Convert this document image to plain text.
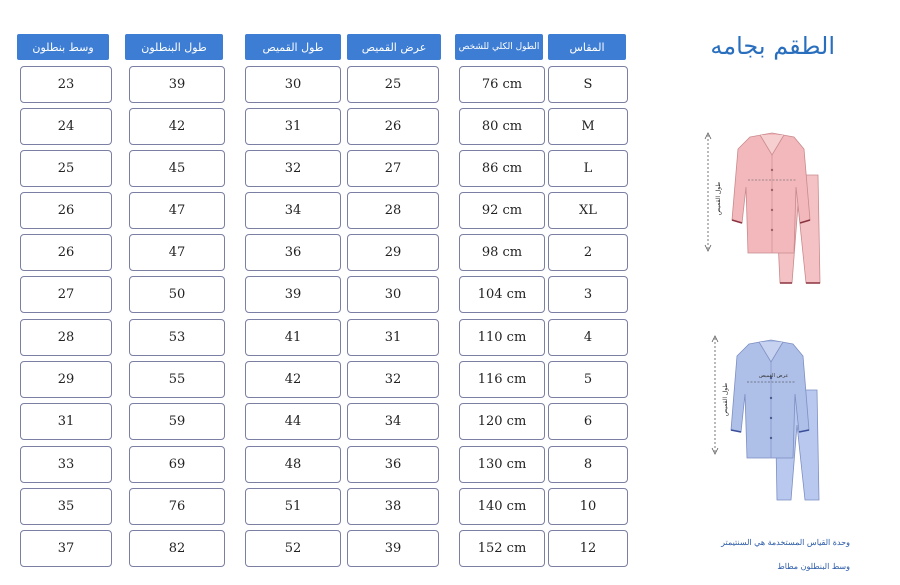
الطقم بجامه
المقاس
S
M
L
XL
2
3
4
5
6
8
10
12
الطول الكلي للشخص
76 cm
80 cm
86 cm
92 cm
98 cm
104 cm
110 cm
116 cm
120 cm
130 cm
140 cm
152 cm
عرض القميص
25
26
27
28
29
30
31
32
34
36
38
39
طول القميص
30
31
32
34
36
39
41
42
44
48
51
52
طول البنطلون
39
42
45
47
47
50
53
55
59
69
76
82
وسط بنطلون
23
24
25
26
26
27
28
29
31
33
35
37
طول القميص
طول القميص
عرض القميص
وحدة القياس المستخدمة هي السنتيمتر
وسط البنطلون مطاط
